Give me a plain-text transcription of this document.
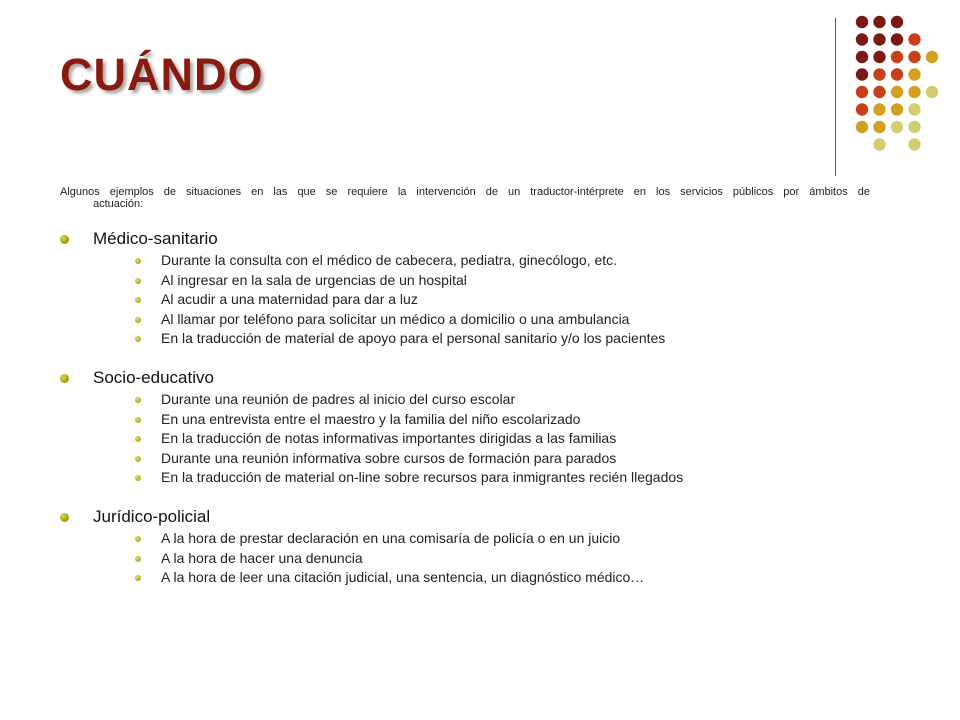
CUÁNDO

Algunos ejemplos de situaciones en las que se requiere la intervención de un traductor-intérprete en los servicios públicos por ámbitos de
actuación:

Médico-sanitario
Durante la consulta con el médico de cabecera, pediatra, ginecólogo, etc.
Al ingresar en la sala de urgencias de un hospital
Al acudir a una maternidad para dar a luz
Al llamar por teléfono para solicitar un médico a domicilio o una ambulancia
En la traducción de material de apoyo para el personal sanitario y/o los pacientes
Socio-educativo
Durante una reunión de padres al inicio del curso escolar
En una entrevista entre el maestro y la familia del niño escolarizado
En la traducción de notas informativas importantes dirigidas a las familias
Durante una reunión informativa sobre cursos de formación para parados
En la traducción de material on-line sobre recursos para inmigrantes recién llegados
Jurídico-policial
A la hora de prestar declaración en una comisaría de policía o en un juicio
A la hora de hacer una denuncia
A la hora de leer una citación judicial, una sentencia, un diagnóstico médico…
